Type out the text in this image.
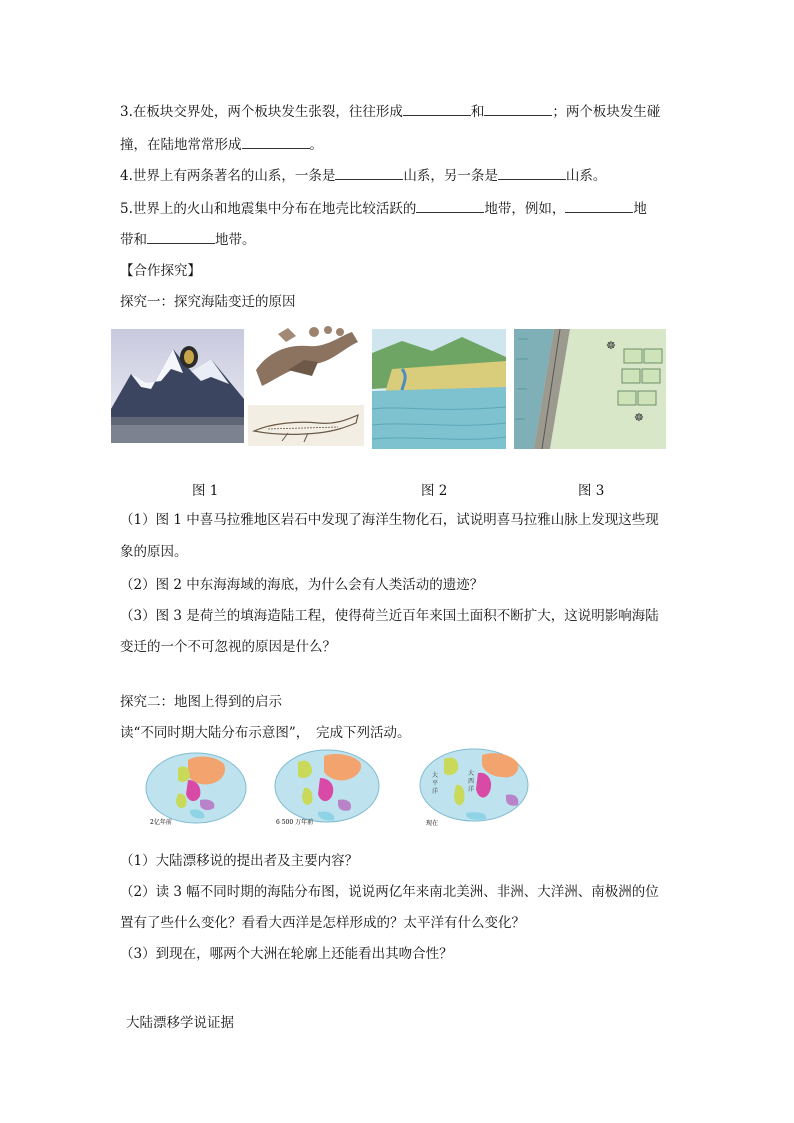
3.在板块交界处，两个板块发生张裂，往往形成	和	；两个板块发生碰
撞，在陆地常常形成	。
4.世界上有两条著名的山系，一条是	山系，另一条是	山系。
5.世界上的火山和地震集中分布在地壳比较活跃的	地带，例如，	地
带和	地带。
【合作探究】
探究一：探究海陆变迁的原因
☸
☸
图 1	图 2	图 3
（1）图 1 中喜马拉雅地区岩石中发现了海洋生物化石，试说明喜马拉雅山脉上发现这些现
象的原因。
（2）图 2 中东海海域的海底，为什么会有人类活动的遗迹？
（3）图 3 是荷兰的填海造陆工程，使得荷兰近百年来国土面积不断扩大，这说明影响海陆
变迁的一个不可忽视的原因是什么？
探究二：地图上得到的启示
读“不同时期大陆分布示意图”，　完成下列活动。
2亿年前	6 500 万年前
大
平
洋
大
西
洋
现在
（1）大陆漂移说的提出者及主要内容？
（2）读 3 幅不同时期的海陆分布图，说说两亿年来南北美洲、非洲、大洋洲、南极洲的位
置有了些什么变化？看看大西洋是怎样形成的？太平洋有什么变化？
（3）到现在，哪两个大洲在轮廓上还能看出其吻合性？
大陆漂移学说证据
